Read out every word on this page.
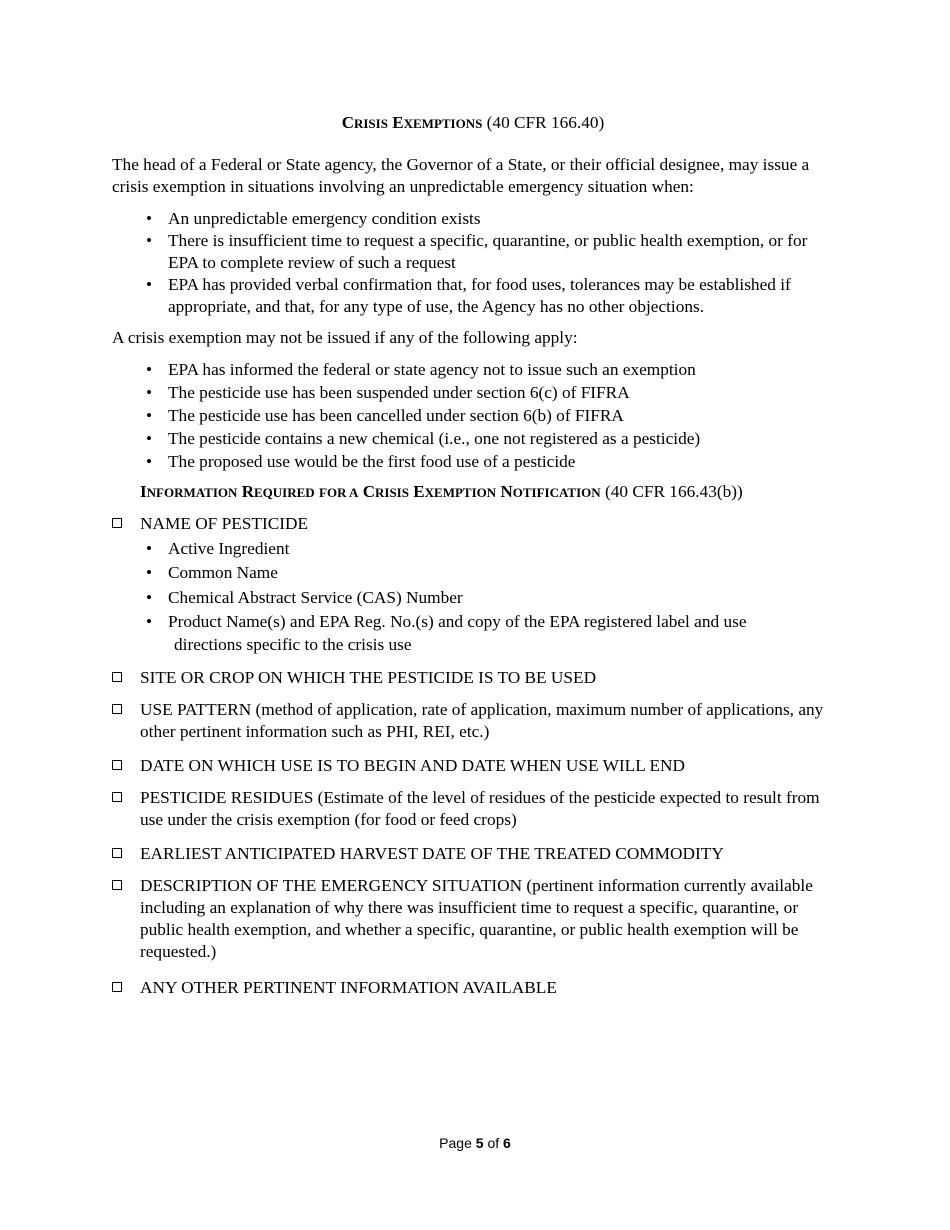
CRISIS EXEMPTIONS (40 CFR 166.40)
The head of a Federal or State agency, the Governor of a State, or their official designee, may issue a crisis exemption in situations involving an unpredictable emergency situation when:
• An unpredictable emergency condition exists
• There is insufficient time to request a specific, quarantine, or public health exemption, or for EPA to complete review of such a request
• EPA has provided verbal confirmation that, for food uses, tolerances may be established if appropriate, and that, for any type of use, the Agency has no other objections.
A crisis exemption may not be issued if any of the following apply:
• EPA has informed the federal or state agency not to issue such an exemption
• The pesticide use has been suspended under section 6(c) of FIFRA
• The pesticide use has been cancelled under section 6(b) of FIFRA
• The pesticide contains a new chemical (i.e., one not registered as a pesticide)
• The proposed use would be the first food use of a pesticide
INFORMATION REQUIRED FOR A CRISIS EXEMPTION NOTIFICATION (40 CFR 166.43(b))
NAME OF PESTICIDE
• Active Ingredient
• Common Name
• Chemical Abstract Service (CAS) Number
• Product Name(s) and EPA Reg. No.(s) and copy of the EPA registered label and use
directions specific to the crisis use
SITE OR CROP ON WHICH THE PESTICIDE IS TO BE USED
USE PATTERN (method of application, rate of application, maximum number of applications, any other pertinent information such as PHI, REI, etc.)
DATE ON WHICH USE IS TO BEGIN AND DATE WHEN USE WILL END
PESTICIDE RESIDUES (Estimate of the level of residues of the pesticide expected to result from use under the crisis exemption (for food or feed crops)
EARLIEST ANTICIPATED HARVEST DATE OF THE TREATED COMMODITY
DESCRIPTION OF THE EMERGENCY SITUATION (pertinent information currently available including an explanation of why there was insufficient time to request a specific, quarantine, or public health exemption, and whether a specific, quarantine, or public health exemption will be requested.)
ANY OTHER PERTINENT INFORMATION AVAILABLE
Page 5 of 6
